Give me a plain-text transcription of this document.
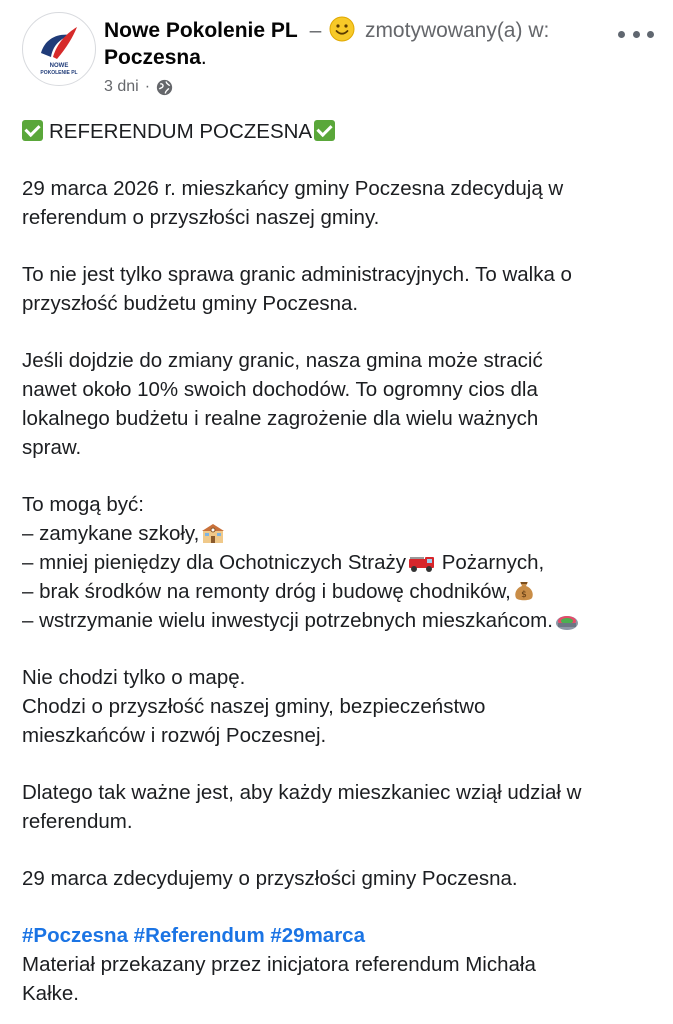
NOWE
POKOLENIE PL
Nowe Pokolenie PL – zmotywowany(a) w:
Poczesna.
3 dni ·

REFERENDUM POCZESNA

29 marca 2026 r. mieszkańcy gminy Poczesna zdecydują w
referendum o przyszłości naszej gminy.

To nie jest tylko sprawa granic administracyjnych. To walka o
przyszłość budżetu gminy Poczesna.

Jeśli dojdzie do zmiany granic, nasza gmina może stracić
nawet około 10% swoich dochodów. To ogromny cios dla
lokalnego budżetu i realne zagrożenie dla wielu ważnych
spraw.

To mogą być:
– zamykane szkoły,
– mniej pieniędzy dla Ochotniczych Straży Pożarnych,
– brak środków na remonty dróg i budowę chodników, $
– wstrzymanie wielu inwestycji potrzebnych mieszkańcom.

Nie chodzi tylko o mapę.
Chodzi o przyszłość naszej gminy, bezpieczeństwo
mieszkańców i rozwój Poczesnej.

Dlatego tak ważne jest, aby każdy mieszkaniec wziął udział w
referendum.

29 marca zdecydujemy o przyszłości gminy Poczesna.

#Poczesna #Referendum #29marca
Materiał przekazany przez inicjatora referendum Michała
Kałke.
